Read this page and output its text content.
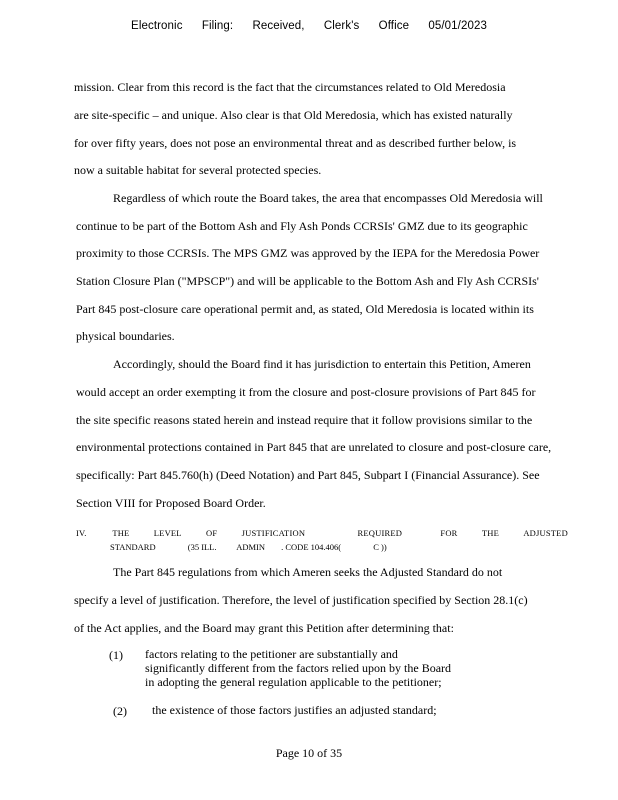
Electronic Filing: Received, Clerk's Office 05/01/2023
mission. Clear from this record is the fact that the circumstances related to Old Meredosia
are site-specific – and unique. Also clear is that Old Meredosia, which has existed naturally
for over fifty years, does not pose an environmental threat and as described further below, is
now a suitable habitat for several protected species.
Regardless of which route the Board takes, the area that encompasses Old Meredosia will
continue to be part of the Bottom Ash and Fly Ash Ponds CCRSIs' GMZ due to its geographic
proximity to those CCRSIs. The MPS GMZ was approved by the IEPA for the Meredosia Power
Station Closure Plan ("MPSCP") and will be applicable to the Bottom Ash and Fly Ash CCRSIs'
Part 845 post-closure care operational permit and, as stated, Old Meredosia is located within its
physical boundaries.
Accordingly, should the Board find it has jurisdiction to entertain this Petition, Ameren
would accept an order exempting it from the closure and post-closure provisions of Part 845 for
the site specific reasons stated herein and instead require that it follow provisions similar to the
environmental protections contained in Part 845 that are unrelated to closure and post-closure care,
specifically: Part 845.760(h) (Deed Notation) and Part 845, Subpart I (Financial Assurance). See
Section VIII for Proposed Board Order.
IV.	THE	LEVEL	OF	JUSTIFICATION	REQUIRED	FOR	THE	ADJUSTED
STANDARD	(35 ILL. ADMIN . CODE 104.406(	C ))
The Part 845 regulations from which Ameren seeks the Adjusted Standard do not
specify a level of justification. Therefore, the level of justification specified by Section 28.1(c)
of the Act applies, and the Board may grant this Petition after determining that:
(1) factors relating to the petitioner are substantially and
significantly different from the factors relied upon by the Board
in adopting the general regulation applicable to the petitioner;
(2) the existence of those factors justifies an adjusted standard;
Page 10 of 35
